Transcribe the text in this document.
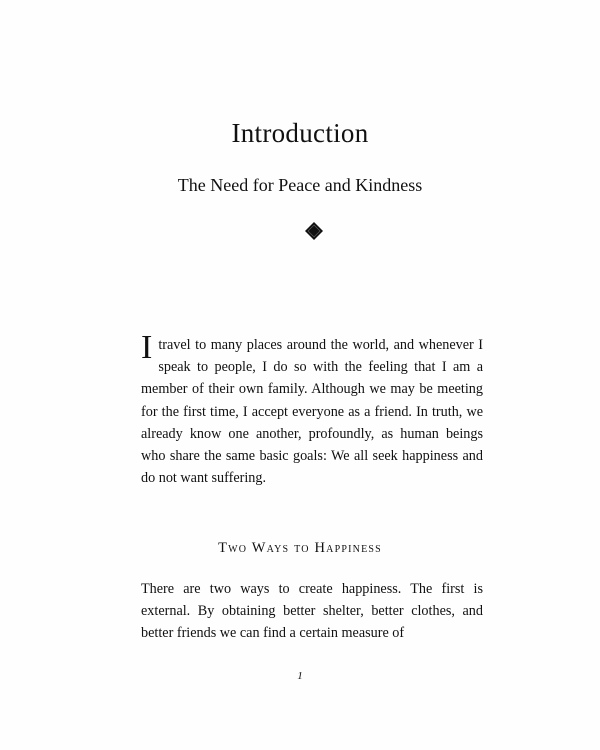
Introduction
The Need for Peace and Kindness

I travel to many places around the world, and whenever I speak to people, I do so with the feeling that I am a member of their own family. Although we may be meeting for the first time, I accept everyone as a friend. In truth, we already know one another, profoundly, as human beings who share the same basic goals: We all seek happiness and do not want suffering.

Two Ways to Happiness

There are two ways to create happiness. The first is external. By obtaining better shelter, better clothes, and better friends we can find a certain measure of

1
